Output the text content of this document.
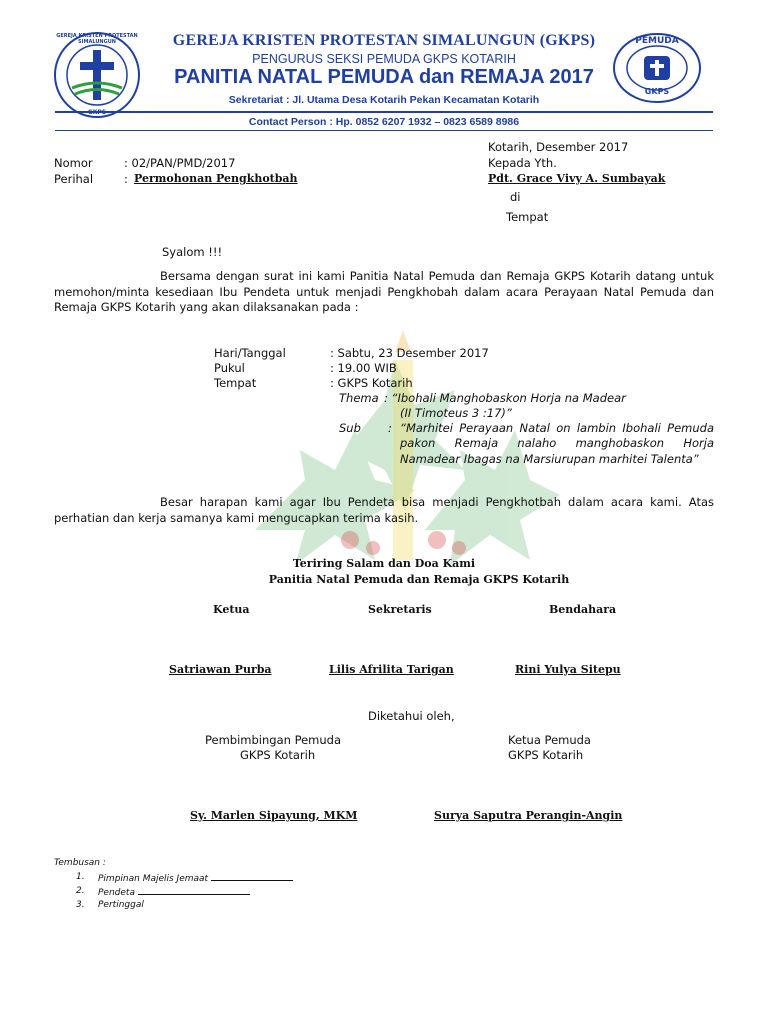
GEREJA KRISTEN PROTESTAN SIMALUNGUN	PEMUDA
GKPS
GEREJA KRISTEN PROTESTAN SIMALUNGUN (GKPS)
PENGURUS SEKSI PEMUDA GKPS KOTARIH
PANITIA NATAL PEMUDA dan REMAJA 2017
Sekretariat : Jl. Utama Desa Kotarih Pekan Kecamatan Kotarih
Contact Person : Hp. 0852 6207 1932 – 0823 6589 8986
Kotarih, Desember 2017
Nomor	: 02/PAN/PMD/2017	Kepada Yth.
Perihal	: Permohonan Pengkhotbah	Pdt. Grace Vivy A. Sumbayak
di
Tempat
Syalom !!!
Bersama dengan surat ini kami Panitia Natal Pemuda dan Remaja GKPS Kotarih datang untuk memohon/minta kesediaan Ibu Pendeta untuk menjadi Pengkhobah dalam acara Perayaan Natal Pemuda dan Remaja GKPS Kotarih yang akan dilaksanakan pada :
Hari/Tanggal	: Sabtu, 23 Desember 2017
Pukul	: 19.00 WIB
Tempat	: GKPS Kotarih
Thema : “Ibohali Manghobaskon Horja na Madear
(II Timoteus 3 :17)”
Sub : “Marhitei Perayaan Natal on lambin Ibohali Pemuda pakon Remaja nalaho manghobaskon Horja Namadear Ibagas na Marsiurupan marhitei Talenta”
Besar harapan kami agar Ibu Pendeta bisa menjadi Pengkhotbah dalam acara kami. Atas perhatian dan kerja samanya kami mengucapkan terima kasih.
Teriring Salam dan Doa Kami
Panitia Natal Pemuda dan Remaja GKPS Kotarih
Ketua	Sekretaris	Bendahara
Satriawan Purba	Lilis Afrilita Tarigan	Rini Yulya Sitepu
Diketahui oleh,
Pembimbingan Pemuda
GKPS Kotarih
Ketua Pemuda
GKPS Kotarih
Sy. Marlen Sipayung, MKM	Surya Saputra Perangin-Angin
Tembusan :
1. Pimpinan Majelis Jemaat
2. Pendeta
3. Pertinggal
